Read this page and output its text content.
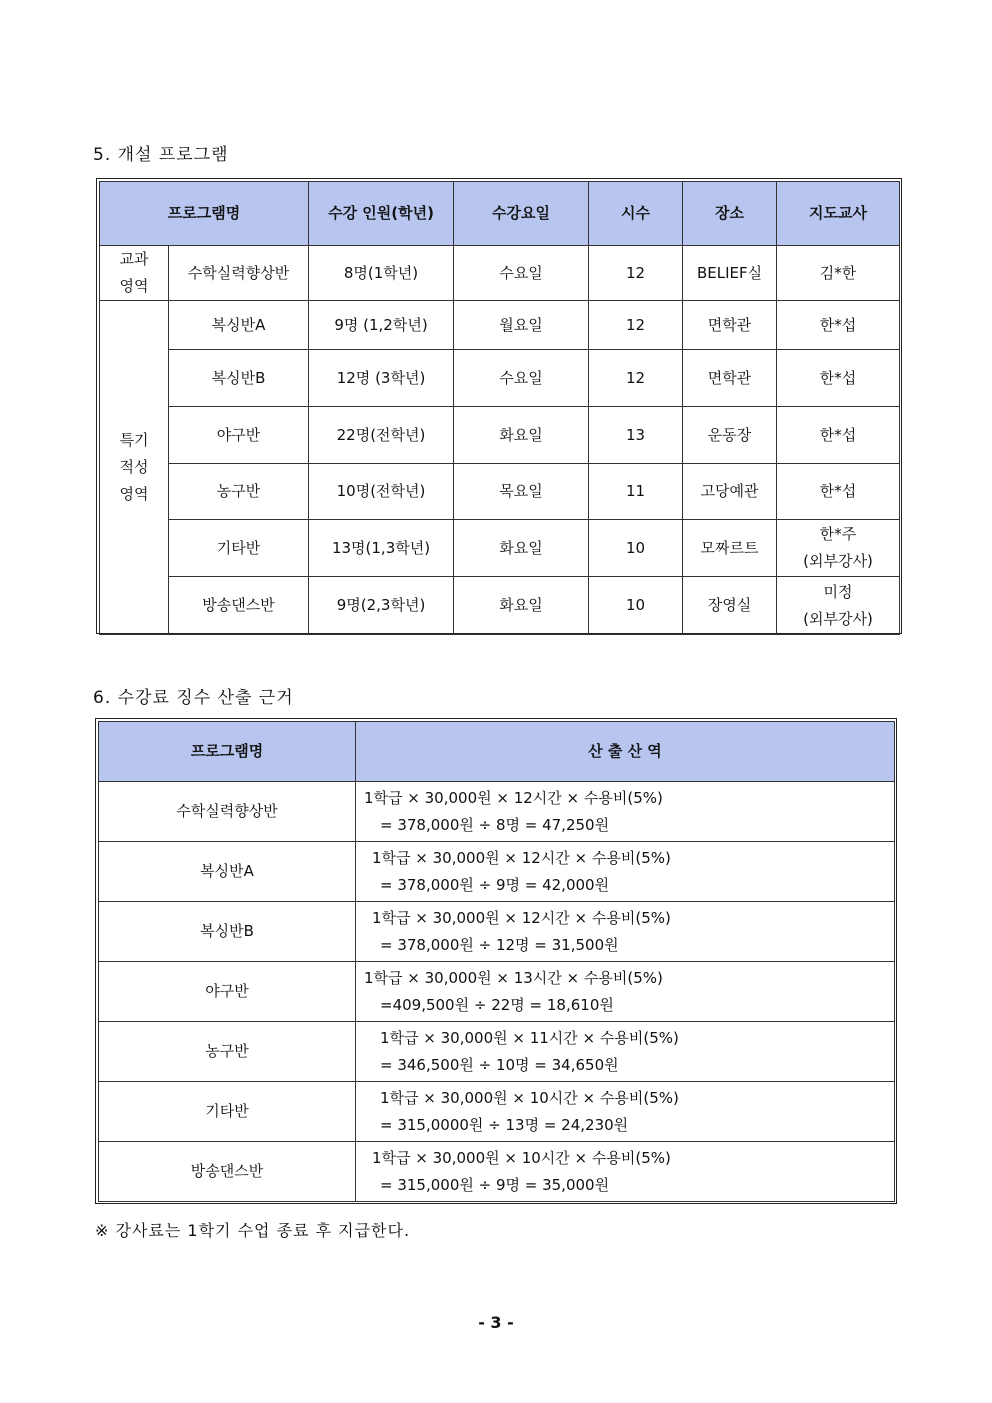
5. 개설 프로그램
프로그램명		수강 인원(학년)	수강요일	시수	장소	지도교사

교과
영역	수학실력향상반	8명(1학년)	수요일	12	BELIEF실	김*한

특기
적성
영역	복싱반A	9명 (1,2학년)	월요일	12	면학관	한*섭
	복싱반B	12명 (3학년)	수요일	12	면학관	한*섭
	야구반	22명(전학년)	화요일	13	운동장	한*섭
	농구반	10명(전학년)	목요일	11	고당예관	한*섭
	기타반	13명(1,3학년)	화요일	10	모짜르트	한*주
(외부강사)

	방송댄스반	9명(2,3학년)	화요일	10	장영실	미정
(외부강사)
6. 수강료 징수 산출 근거
프로그램명	산 출 산 역
수학실력향상반	1학급 × 30,000원 × 12시간 × 수용비(5%)
= 378,000원 ÷ 8명 = 47,250원

복싱반A	1학급 × 30,000원 × 12시간 × 수용비(5%)
= 378,000원 ÷ 9명 = 42,000원

복싱반B	1학급 × 30,000원 × 12시간 × 수용비(5%)
= 378,000원 ÷ 12명 = 31,500원

야구반	1학급 × 30,000원 × 13시간 × 수용비(5%)
=409,500원 ÷ 22명 = 18,610원

농구반	1학급 × 30,000원 × 11시간 × 수용비(5%)
= 346,500원 ÷ 10명 = 34,650원

기타반	1학급 × 30,000원 × 10시간 × 수용비(5%)
= 315,0000원 ÷ 13명 = 24,230원

방송댄스반	1학급 × 30,000원 × 10시간 × 수용비(5%)
= 315,000원 ÷ 9명 = 35,000원

※ 강사료는 1학기 수업 종료 후 지급한다.

- 3 -
